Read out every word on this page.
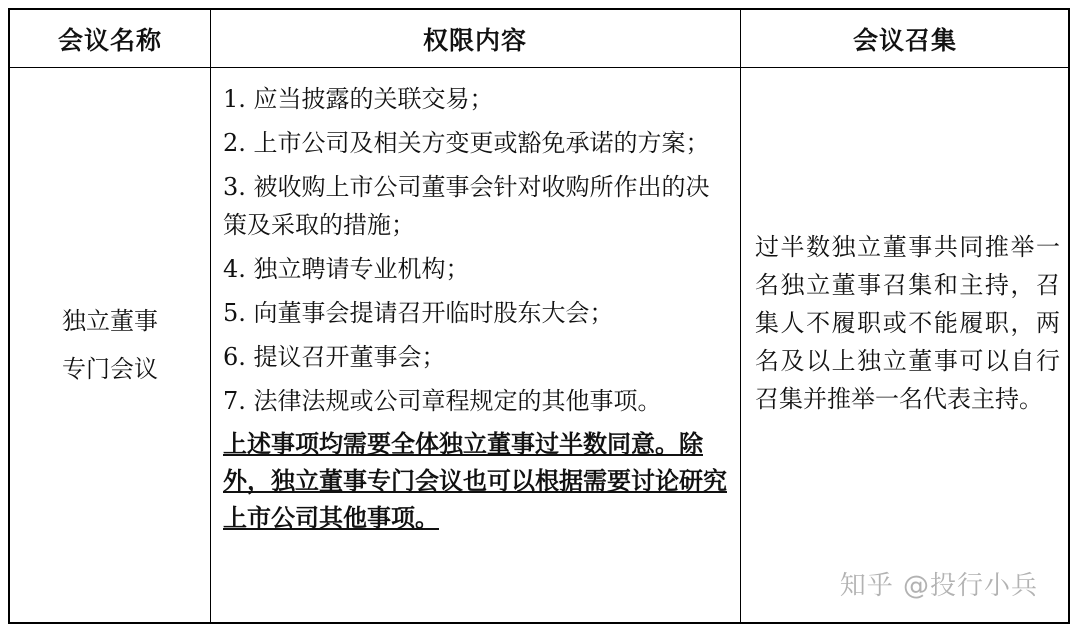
会议名称	权限内容	会议召集
独立董事
专门会议
1. 应当披露的关联交易；
2. 上市公司及相关方变更或豁免承诺的方案；
3. 被收购上市公司董事会针对收购所作出的决策及采取的措施；
4. 独立聘请专业机构；
5. 向董事会提请召开临时股东大会；
6. 提议召开董事会；
7. 法律法规或公司章程规定的其他事项。
上述事项均需要全体独立董事过半数同意。除外，独立董事专门会议也可以根据需要讨论研究上市公司其他事项。
过半数独立董事共同推举一名独立董事召集和主持，召集人不履职或不能履职，两名及以上独立董事可以自行召集并推举一名代表主持。
知乎 @投行小兵
